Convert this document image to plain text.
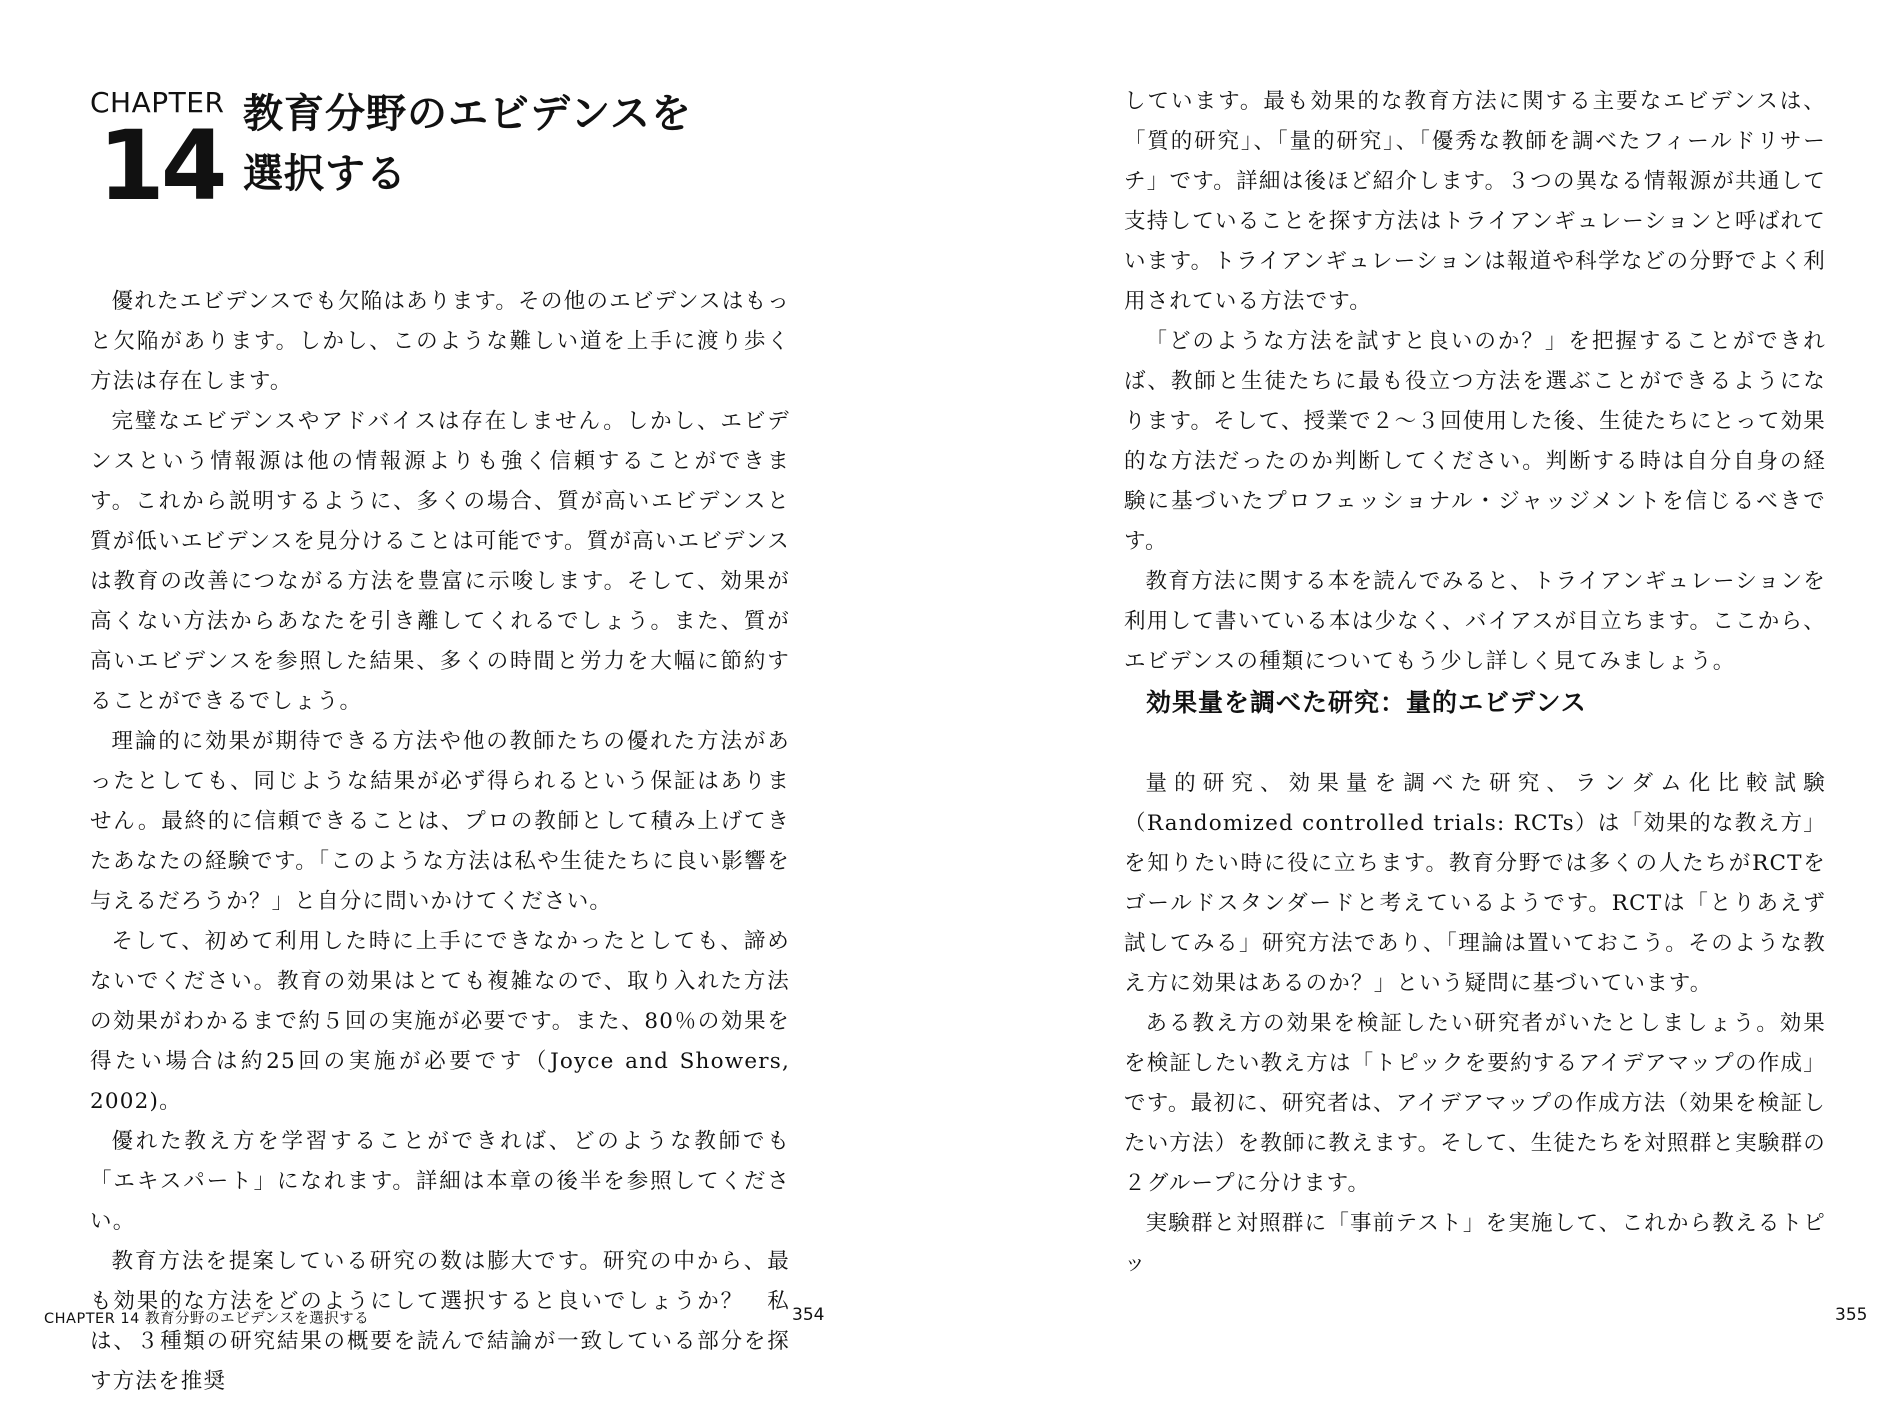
CHAPTER
14 教育分野のエビデンスを
選択する

優れたエビデンスでも欠陥はあります。その他のエビデンスはもっと欠陥があります。しかし、このような難しい道を上手に渡り歩く方法は存在します。

完璧なエビデンスやアドバイスは存在しません。しかし、エビデンスという情報源は他の情報源よりも強く信頼することができます。これから説明するように、多くの場合、質が高いエビデンスと質が低いエビデンスを見分けることは可能です。質が高いエビデンスは教育の改善につながる方法を豊富に示唆します。そして、効果が高くない方法からあなたを引き離してくれるでしょう。また、質が高いエビデンスを参照した結果、多くの時間と労力を大幅に節約することができるでしょう。

理論的に効果が期待できる方法や他の教師たちの優れた方法があったとしても、同じような結果が必ず得られるという保証はありません。最終的に信頼できることは、プロの教師として積み上げてきたあなたの経験です。「このような方法は私や生徒たちに良い影響を与えるだろうか？」と自分に問いかけてください。

そして、初めて利用した時に上手にできなかったとしても、諦めないでください。教育の効果はとても複雑なので、取り入れた方法の効果がわかるまで約５回の実施が必要です。また、80％の効果を得たい場合は約25回の実施が必要です（Joyce and Showers, 2002)。

優れた教え方を学習することができれば、どのような教師でも「エキスパート」になれます。詳細は本章の後半を参照してください。

教育方法を提案している研究の数は膨大です。研究の中から、最も効果的な方法をどのようにして選択すると良いでしょうか？　私は、３種類の研究結果の概要を読んで結論が一致している部分を探す方法を推奨

CHAPTER 14 教育分野のエビデンスを選択する	354

しています。最も効果的な教育方法に関する主要なエビデンスは、「質的研究」、「量的研究」、「優秀な教師を調べたフィールドリサーチ」です。詳細は後ほど紹介します。３つの異なる情報源が共通して支持していることを探す方法はトライアンギュレーションと呼ばれています。トライアンギュレーションは報道や科学などの分野でよく利用されている方法です。

「どのような方法を試すと良いのか？」を把握することができれば、教師と生徒たちに最も役立つ方法を選ぶことができるようになります。そして、授業で２〜３回使用した後、生徒たちにとって効果的な方法だったのか判断してください。判断する時は自分自身の経験に基づいたプロフェッショナル・ジャッジメントを信じるべきです。

教育方法に関する本を読んでみると、トライアンギュレーションを利用して書いている本は少なく、バイアスが目立ちます。ここから、エビデンスの種類についてもう少し詳しく見てみましょう。

効果量を調べた研究：量的エビデンス

量的研究、効果量を調べた研究、ランダム化比較試験（Randomized controlled trials: RCTs）は「効果的な教え方」を知りたい時に役に立ちます。教育分野では多くの人たちがRCTをゴールドスタンダードと考えているようです。RCTは「とりあえず試してみる」研究方法であり、「理論は置いておこう。そのような教え方に効果はあるのか？」という疑問に基づいています。

ある教え方の効果を検証したい研究者がいたとしましょう。効果を検証したい教え方は「トピックを要約するアイデアマップの作成」です。最初に、研究者は、アイデアマップの作成方法（効果を検証したい方法）を教師に教えます。そして、生徒たちを対照群と実験群の２グループに分けます。

実験群と対照群に「事前テスト」を実施して、これから教えるトピッ

355
